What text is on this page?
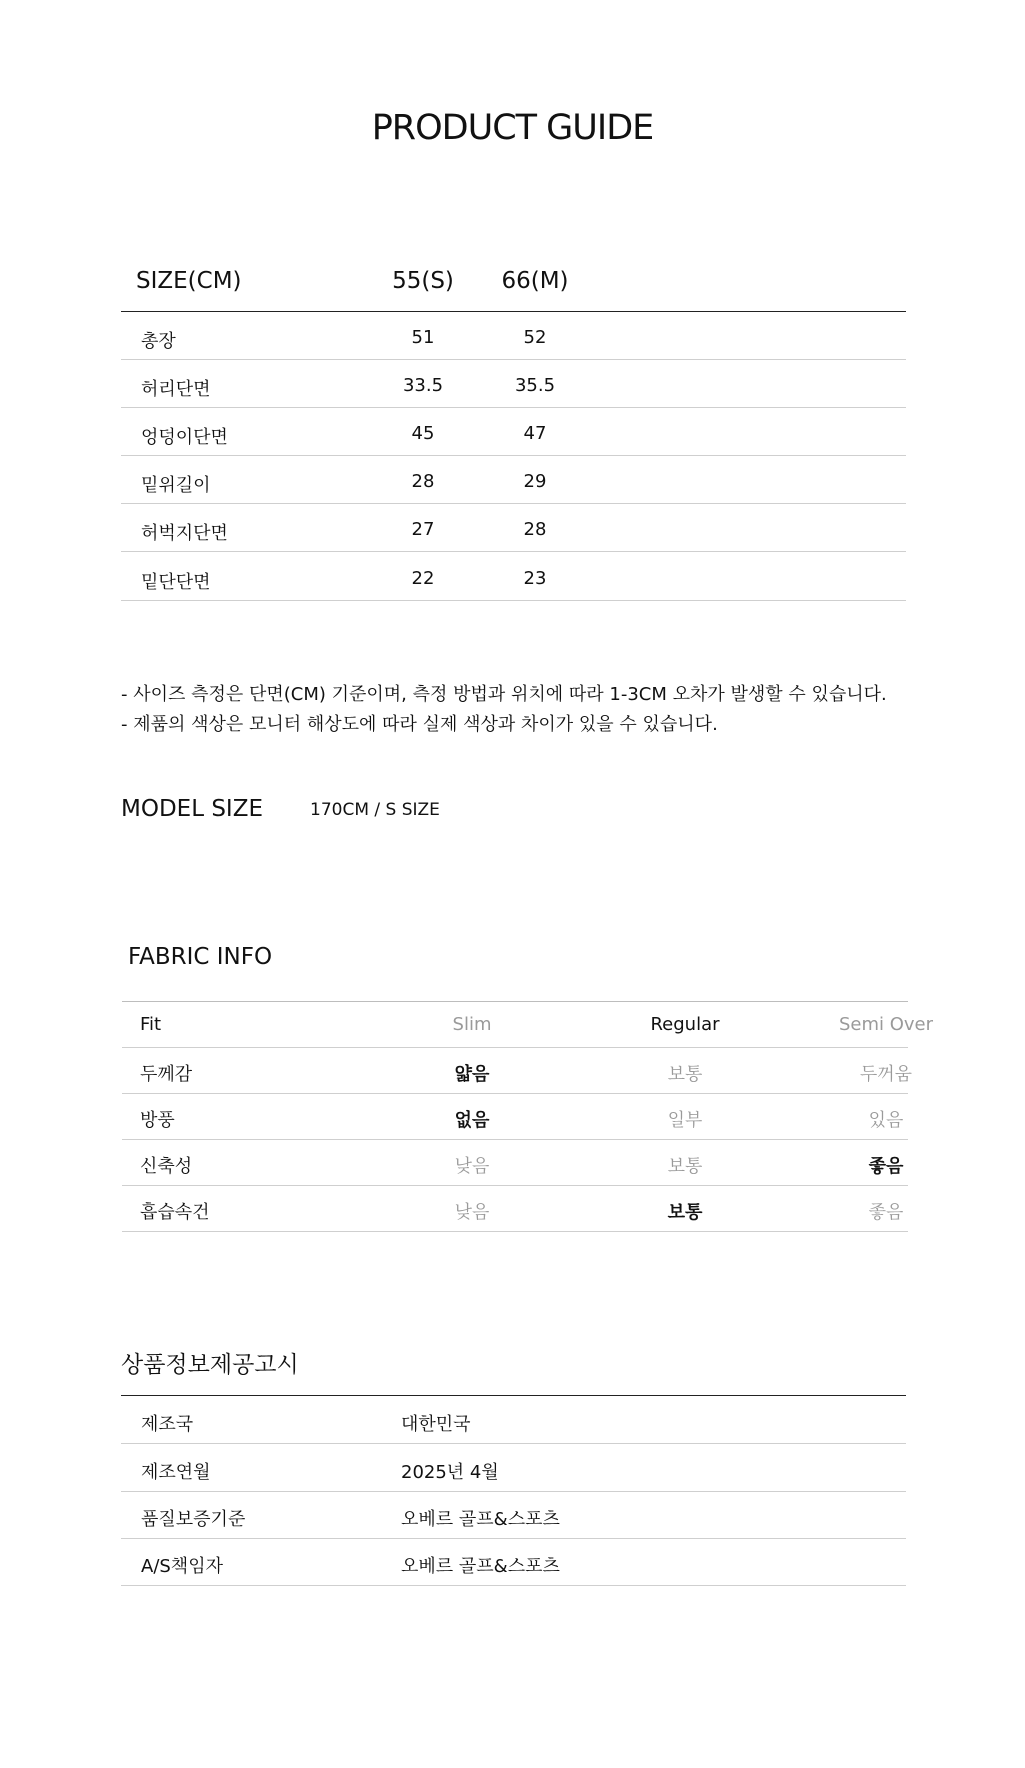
PRODUCT GUIDE
SIZE(CM)	55(S)	66(M)
총장	51	52
허리단면	33.5	35.5
엉덩이단면	45	47
밑위길이	28	29
허벅지단면	27	28
밑단단면	22	23
- 사이즈 측정은 단면(CM) 기준이며, 측정 방법과 위치에 따라 1-3CM 오차가 발생할 수 있습니다.
- 제품의 색상은 모니터 해상도에 따라 실제 색상과 차이가 있을 수 있습니다.
MODEL SIZE	170CM / S SIZE
FABRIC INFO
Fit	Slim	Regular	Semi Over
두께감	얇음	보통	두꺼움
방풍	없음	일부	있음
신축성	낮음	보통	좋음
흡습속건	낮음	보통	좋음
상품정보제공고시
제조국	대한민국
제조연월	2025년 4월
품질보증기준	오베르 골프&스포츠
A/S책임자	오베르 골프&스포츠
